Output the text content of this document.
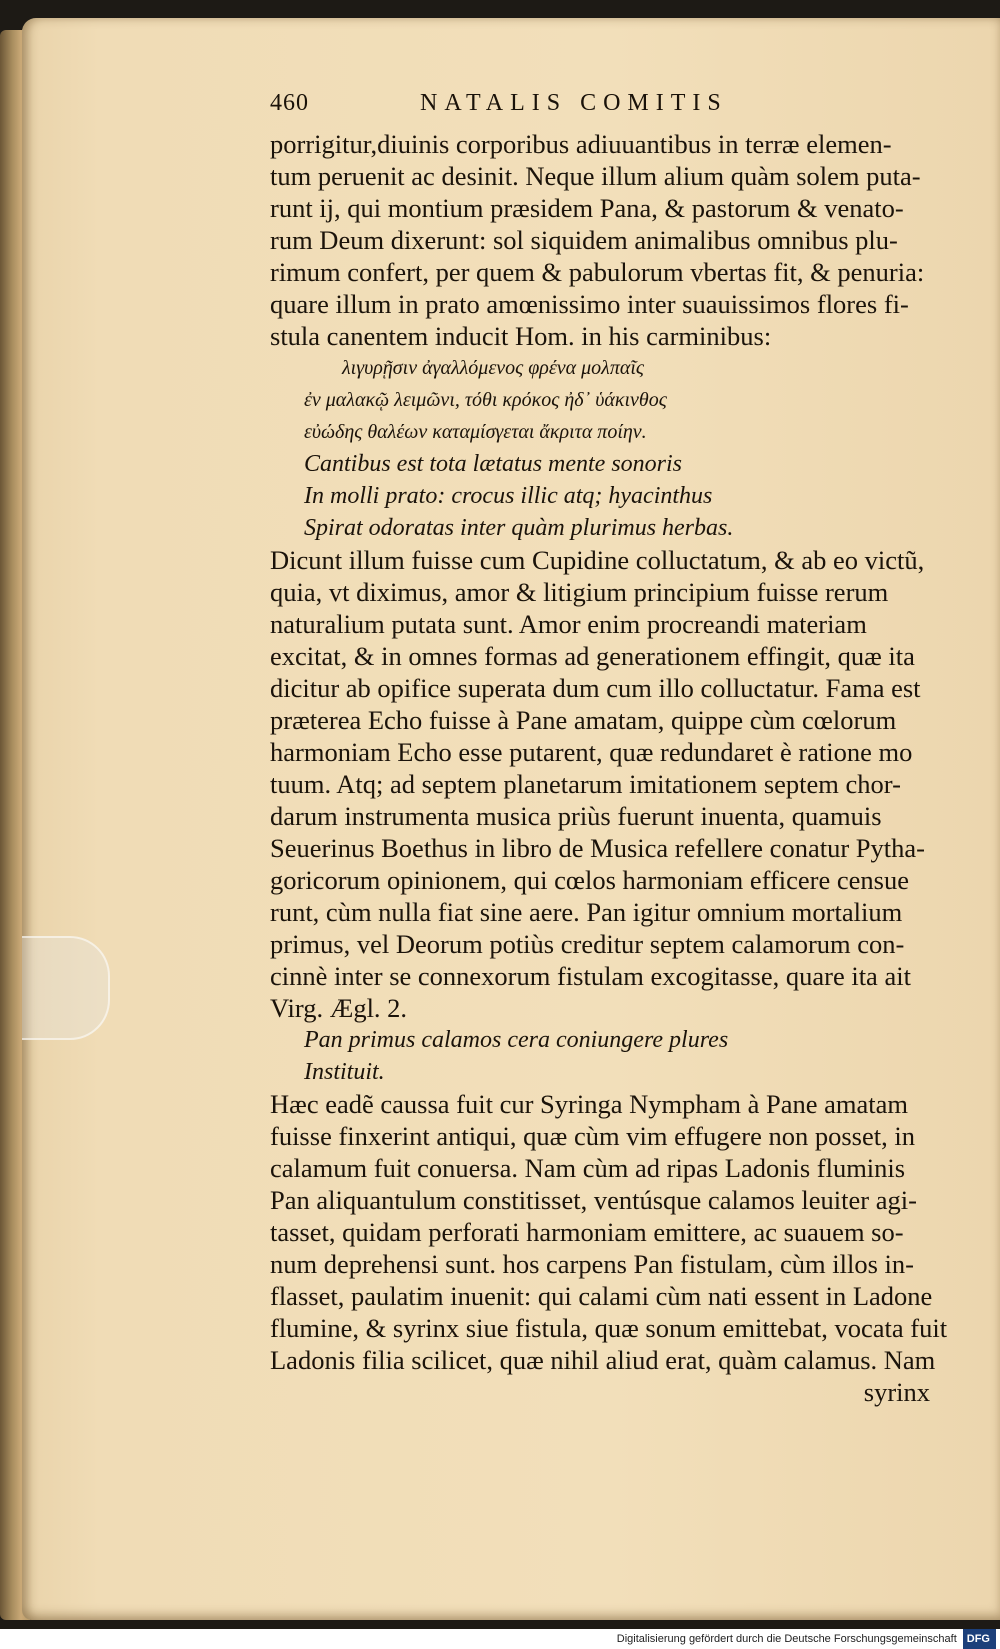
460	NATALIS COMITIS
porrigitur,diuinis corporibus adiuuantibus in terræ elemen-
tum peruenit ac desinit. Neque illum alium quàm solem puta-
runt ij, qui montium præsidem Pana, & pastorum & venato-
rum Deum dixerunt: sol siquidem animalibus omnibus plu-
rimum confert, per quem & pabulorum vbertas fit, & penuria:
quare illum in prato amœnissimo inter suauissimos flores fi-
stula canentem inducit Hom. in his carminibus:
λιγυρῇσιν ἀγαλλόμενος φρένα μολπαῖς
ἐν μαλακῷ λειμῶνι, τόθι κρόκος ἠδ᾽ ὑάκινθος
εὐώδης θαλέων καταμίσγεται ἄκριτα ποίην.
Cantibus est tota lætatus mente sonoris
In molli prato: crocus illic atq; hyacinthus
Spirat odoratas inter quàm plurimus herbas.
Dicunt illum fuisse cum Cupidine colluctatum, & ab eo victũ,
quia, vt diximus, amor & litigium principium fuisse rerum
naturalium putata sunt. Amor enim procreandi materiam
excitat, & in omnes formas ad generationem effingit, quæ ita
dicitur ab opifice superata dum cum illo colluctatur. Fama est
præterea Echo fuisse à Pane amatam, quippe cùm cœlorum
harmoniam Echo esse putarent, quæ redundaret è ratione mo
tuum. Atq; ad septem planetarum imitationem septem chor-
darum instrumenta musica priùs fuerunt inuenta, quamuis
Seuerinus Boethus in libro de Musica refellere conatur Pytha-
goricorum opinionem, qui cœlos harmoniam efficere censue
runt, cùm nulla fiat sine aere. Pan igitur omnium mortalium
primus, vel Deorum potiùs creditur septem calamorum con-
cinnè inter se connexorum fistulam excogitasse, quare ita ait
Virg. Ægl. 2.
Pan primus calamos cera coniungere plures
Instituit.
Hæc eadẽ caussa fuit cur Syringa Nympham à Pane amatam
fuisse finxerint antiqui, quæ cùm vim effugere non posset, in
calamum fuit conuersa. Nam cùm ad ripas Ladonis fluminis
Pan aliquantulum constitisset, ventúsque calamos leuiter agi-
tasset, quidam perforati harmoniam emittere, ac suauem so-
num deprehensi sunt. hos carpens Pan fistulam, cùm illos in-
flasset, paulatim inuenit: qui calami cùm nati essent in Ladone
flumine, & syrinx siue fistula, quæ sonum emittebat, vocata fuit
Ladonis filia scilicet, quæ nihil aliud erat, quàm calamus. Nam
syrinx
Digitalisierung gefördert durch die Deutsche Forschungsgemeinschaft DFG
